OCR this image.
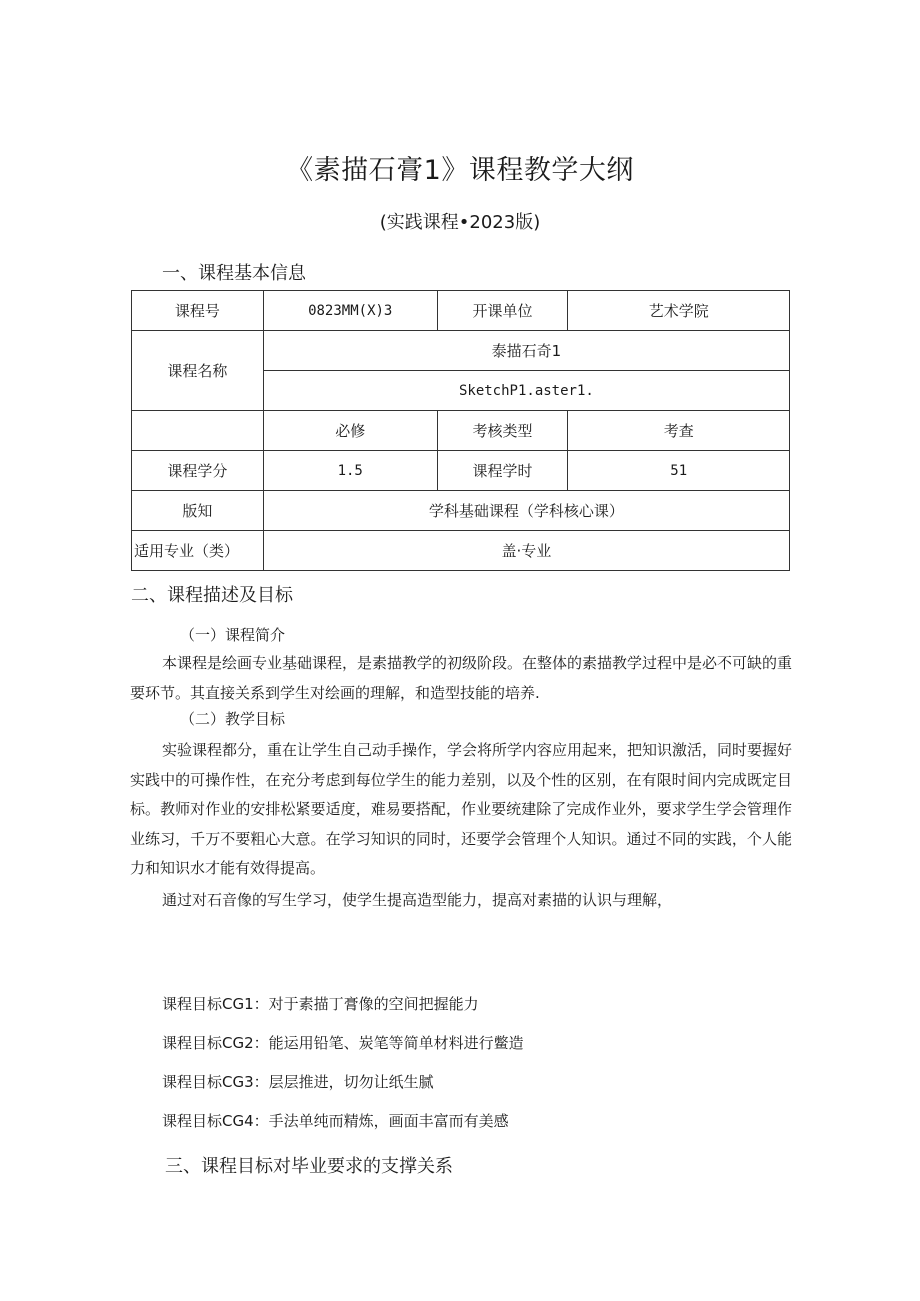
《素描石膏1》课程教学大纲
(实践课程•2023版)
一、课程基本信息
课程号	0823MM(X)3	开课单位	艺术学院
课程名称	泰描石奇1		
	SketchP1.aster1.		
	必修	考核类型	考查
课程学分	1.5	课程学时	51
版知	学科基础课程（学科核心课）		
适用专业（类）	盖·专业		
二、课程描述及目标
（一）课程简介
本课程是绘画专业基础课程，是素描教学的初级阶段。在整体的素描教学过程中是必不可缺的重要环节。其直接关系到学生对绘画的理解，和造型技能的培养.
（二）教学目标
实验课程都分，重在让学生自己动手操作，学会将所学内容应用起来，把知识激活，同时要握好实践中的可操作性，在充分考虑到每位学生的能力差别，以及个性的区别，在有限时间内完成既定目标。教师对作业的安排松紧要适度，难易要搭配，作业要统建除了完成作业外，要求学生学会管理作业练习，千万不要粗心大意。在学习知识的同时，还要学会管理个人知识。通过不同的实践，个人能力和知识水才能有效得提高。
通过对石音像的写生学习，使学生提高造型能力，提高对素描的认识与理解，
课程目标CG1：对于素描丁膏像的空间把握能力
课程目标CG2：能运用铅笔、炭笔等简单材料进行鳖造
课程目标CG3：层层推进，切勿让纸生腻
课程目标CG4：手法单纯而精炼，画面丰富而有美感
三、课程目标对毕业要求的支撑关系
